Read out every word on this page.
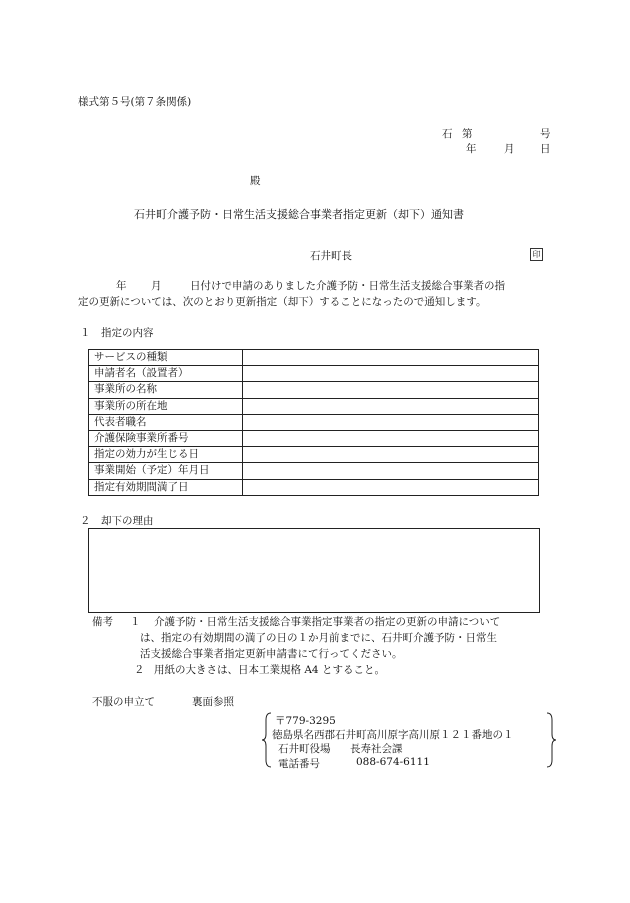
様式第５号(第７条関係)
石 第	号
年	月 日
殿
石井町介護予防・日常生活支援総合事業者指定更新（却下）通知書
石井町長	印
年 月	日付けで申請のありました介護予防・日常生活支援総合事業者の指
定の更新については、次のとおり更新指定（却下）することになったので通知します。
１　指定の内容
サービスの種類	
申請者名（設置者）	
事業所の名称	
事業所の所在地	
代表者職名	
介護保険事業所番号	
指定の効力が生じる日	
事業開始（予定）年月日	
指定有効期間満了日	
２　却下の理由
備考 １ 介護予防・日常生活支援総合事業指定事業者の指定の更新の申請について
は、指定の有効期間の満了の日の１か月前までに、石井町介護予防・日常生
活支援総合事業者指定更新申請書にて行ってください。
２ 用紙の大きさは、日本工業規格 A4 とすること。
不服の申立て	裏面参照
〒779-3295
徳島県名西郡石井町高川原字高川原１２１番地の１
石井町役場 長寿社会課
電話番号	088-674-6111
